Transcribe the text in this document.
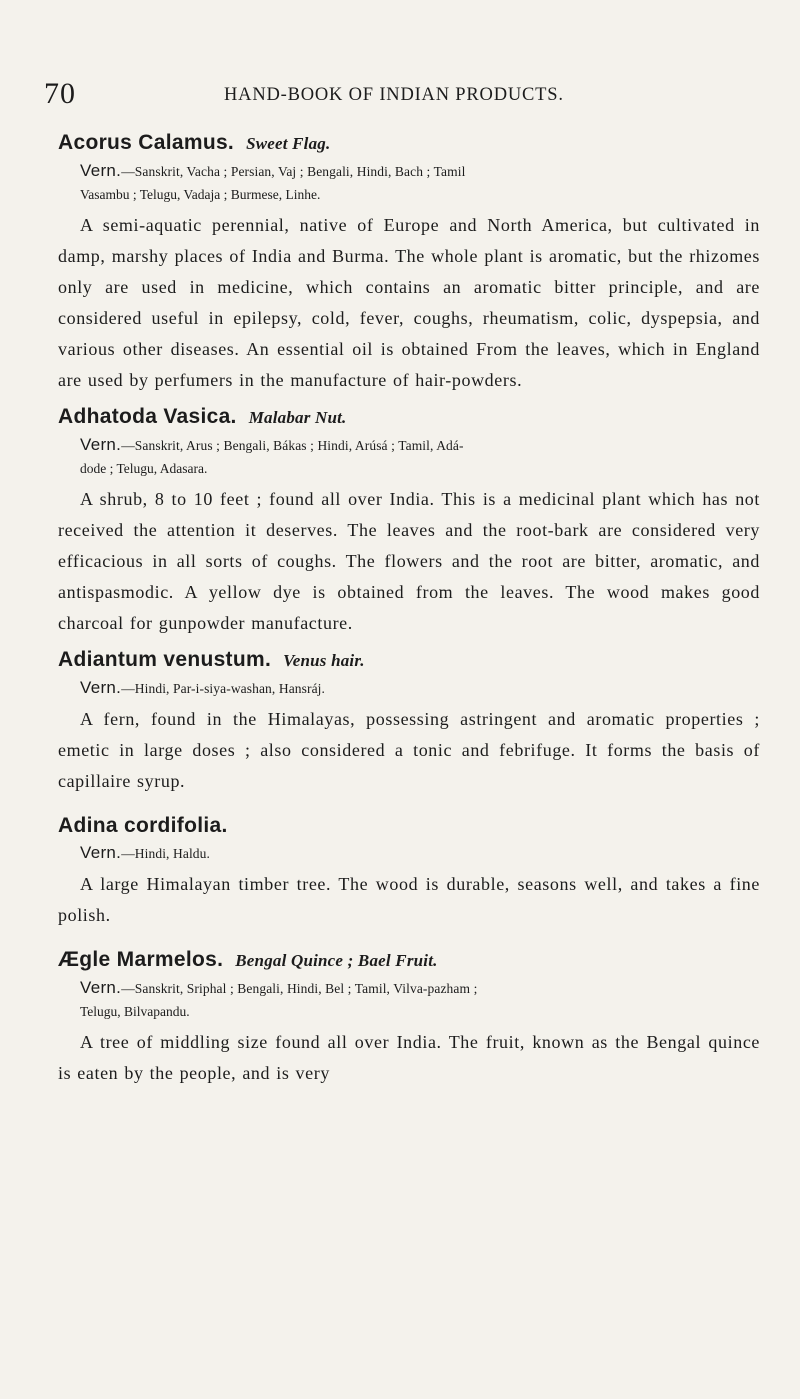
70	HAND-BOOK OF INDIAN PRODUCTS.
Acorus Calamus. Sweet Flag.

Vern.—Sanskrit, Vacha ; Persian, Vaj ; Bengali, Hindi, Bach ; Tamil

Vasambu ; Telugu, Vadaja ; Burmese, Linhe.

A semi-aquatic perennial, native of Europe and North America, but cultivated in damp, marshy places of India and Burma. The whole plant is aromatic, but the rhizomes only are used in medicine, which contains an aromatic bitter principle, and are considered useful in epilepsy, cold, fever, coughs, rheumatism, colic, dyspepsia, and various other diseases. An essential oil is obtained From the leaves, which in England are used by perfumers in the manufacture of hair-powders.

Adhatoda Vasica. Malabar Nut.

Vern.—Sanskrit, Arus ; Bengali, Bákas ; Hindi, Arúsá ; Tamil, Adá-

dode ; Telugu, Adasara.

A shrub, 8 to 10 feet ; found all over India. This is a medicinal plant which has not received the attention it deserves. The leaves and the root-bark are considered very efficacious in all sorts of coughs. The flowers and the root are bitter, aromatic, and antispasmodic. A yellow dye is obtained from the leaves. The wood makes good charcoal for gunpowder manufacture.

Adiantum venustum. Venus hair.

Vern.—Hindi, Par-i-siya-washan, Hansráj.

A fern, found in the Himalayas, possessing astringent and aromatic properties ; emetic in large doses ; also considered a tonic and febrifuge. It forms the basis of capillaire syrup.

Adina cordifolia.

Vern.—Hindi, Haldu.

A large Himalayan timber tree. The wood is durable, seasons well, and takes a fine polish.

Ægle Marmelos. Bengal Quince ; Bael Fruit.

Vern.—Sanskrit, Sriphal ; Bengali, Hindi, Bel ; Tamil, Vilva-pazham ;

Telugu, Bilvapandu.

A tree of middling size found all over India. The fruit, known as the Bengal quince is eaten by the people, and is very
